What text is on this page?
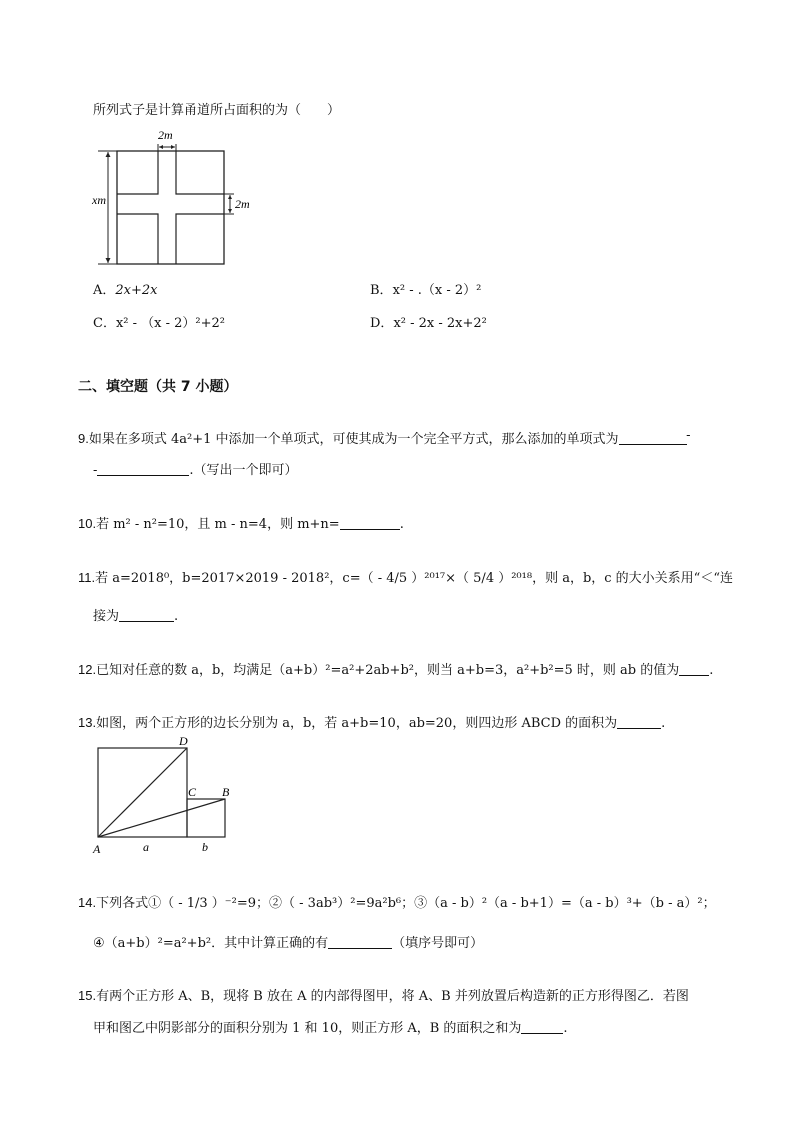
所列式子是计算甬道所占面积的为（　　）
2m
2m
xm
A．2x+2x	B．x² - .（x - 2）²
C．x² - （x - 2）²+2²	D．x² - 2x - 2x+2²
二、填空题（共 7 小题）
9.如果在多项式 4a²+1 中添加一个单项式，可使其成为一个完全平方式，那么添加的单项式为	-
-	.（写出一个即可）
10.若 m² - n²=10，且 m - n=4，则 m+n=	.
11.若 a=2018⁰，b=2017×2019 - 2018²，c=（ - 4/5 ）²⁰¹⁷×（ 5/4 ）²⁰¹⁸，则 a，b，c 的大小关系用“＜“连
接为	.
12.已知对任意的数 a，b，均满足（a+b）²=a²+2ab+b²，则当 a+b=3，a²+b²=5 时，则 ab 的值为 .
13.如图，两个正方形的边长分别为 a，b，若 a+b=10，ab=20，则四边形 ABCD 的面积为	.
D
C B
A	a	b
14.下列各式①（ - 1/3 ）⁻²=9；②（ - 3ab³）²=9a²b⁶；③（a - b）²（a - b+1）=（a - b）³+（b - a）²；
④（a+b）²=a²+b²．其中计算正确的有	（填序号即可）
15.有两个正方形 A、B，现将 B 放在 A 的内部得图甲，将 A、B 并列放置后构造新的正方形得图乙．若图
甲和图乙中阴影部分的面积分别为 1 和 10，则正方形 A，B 的面积之和为	.
